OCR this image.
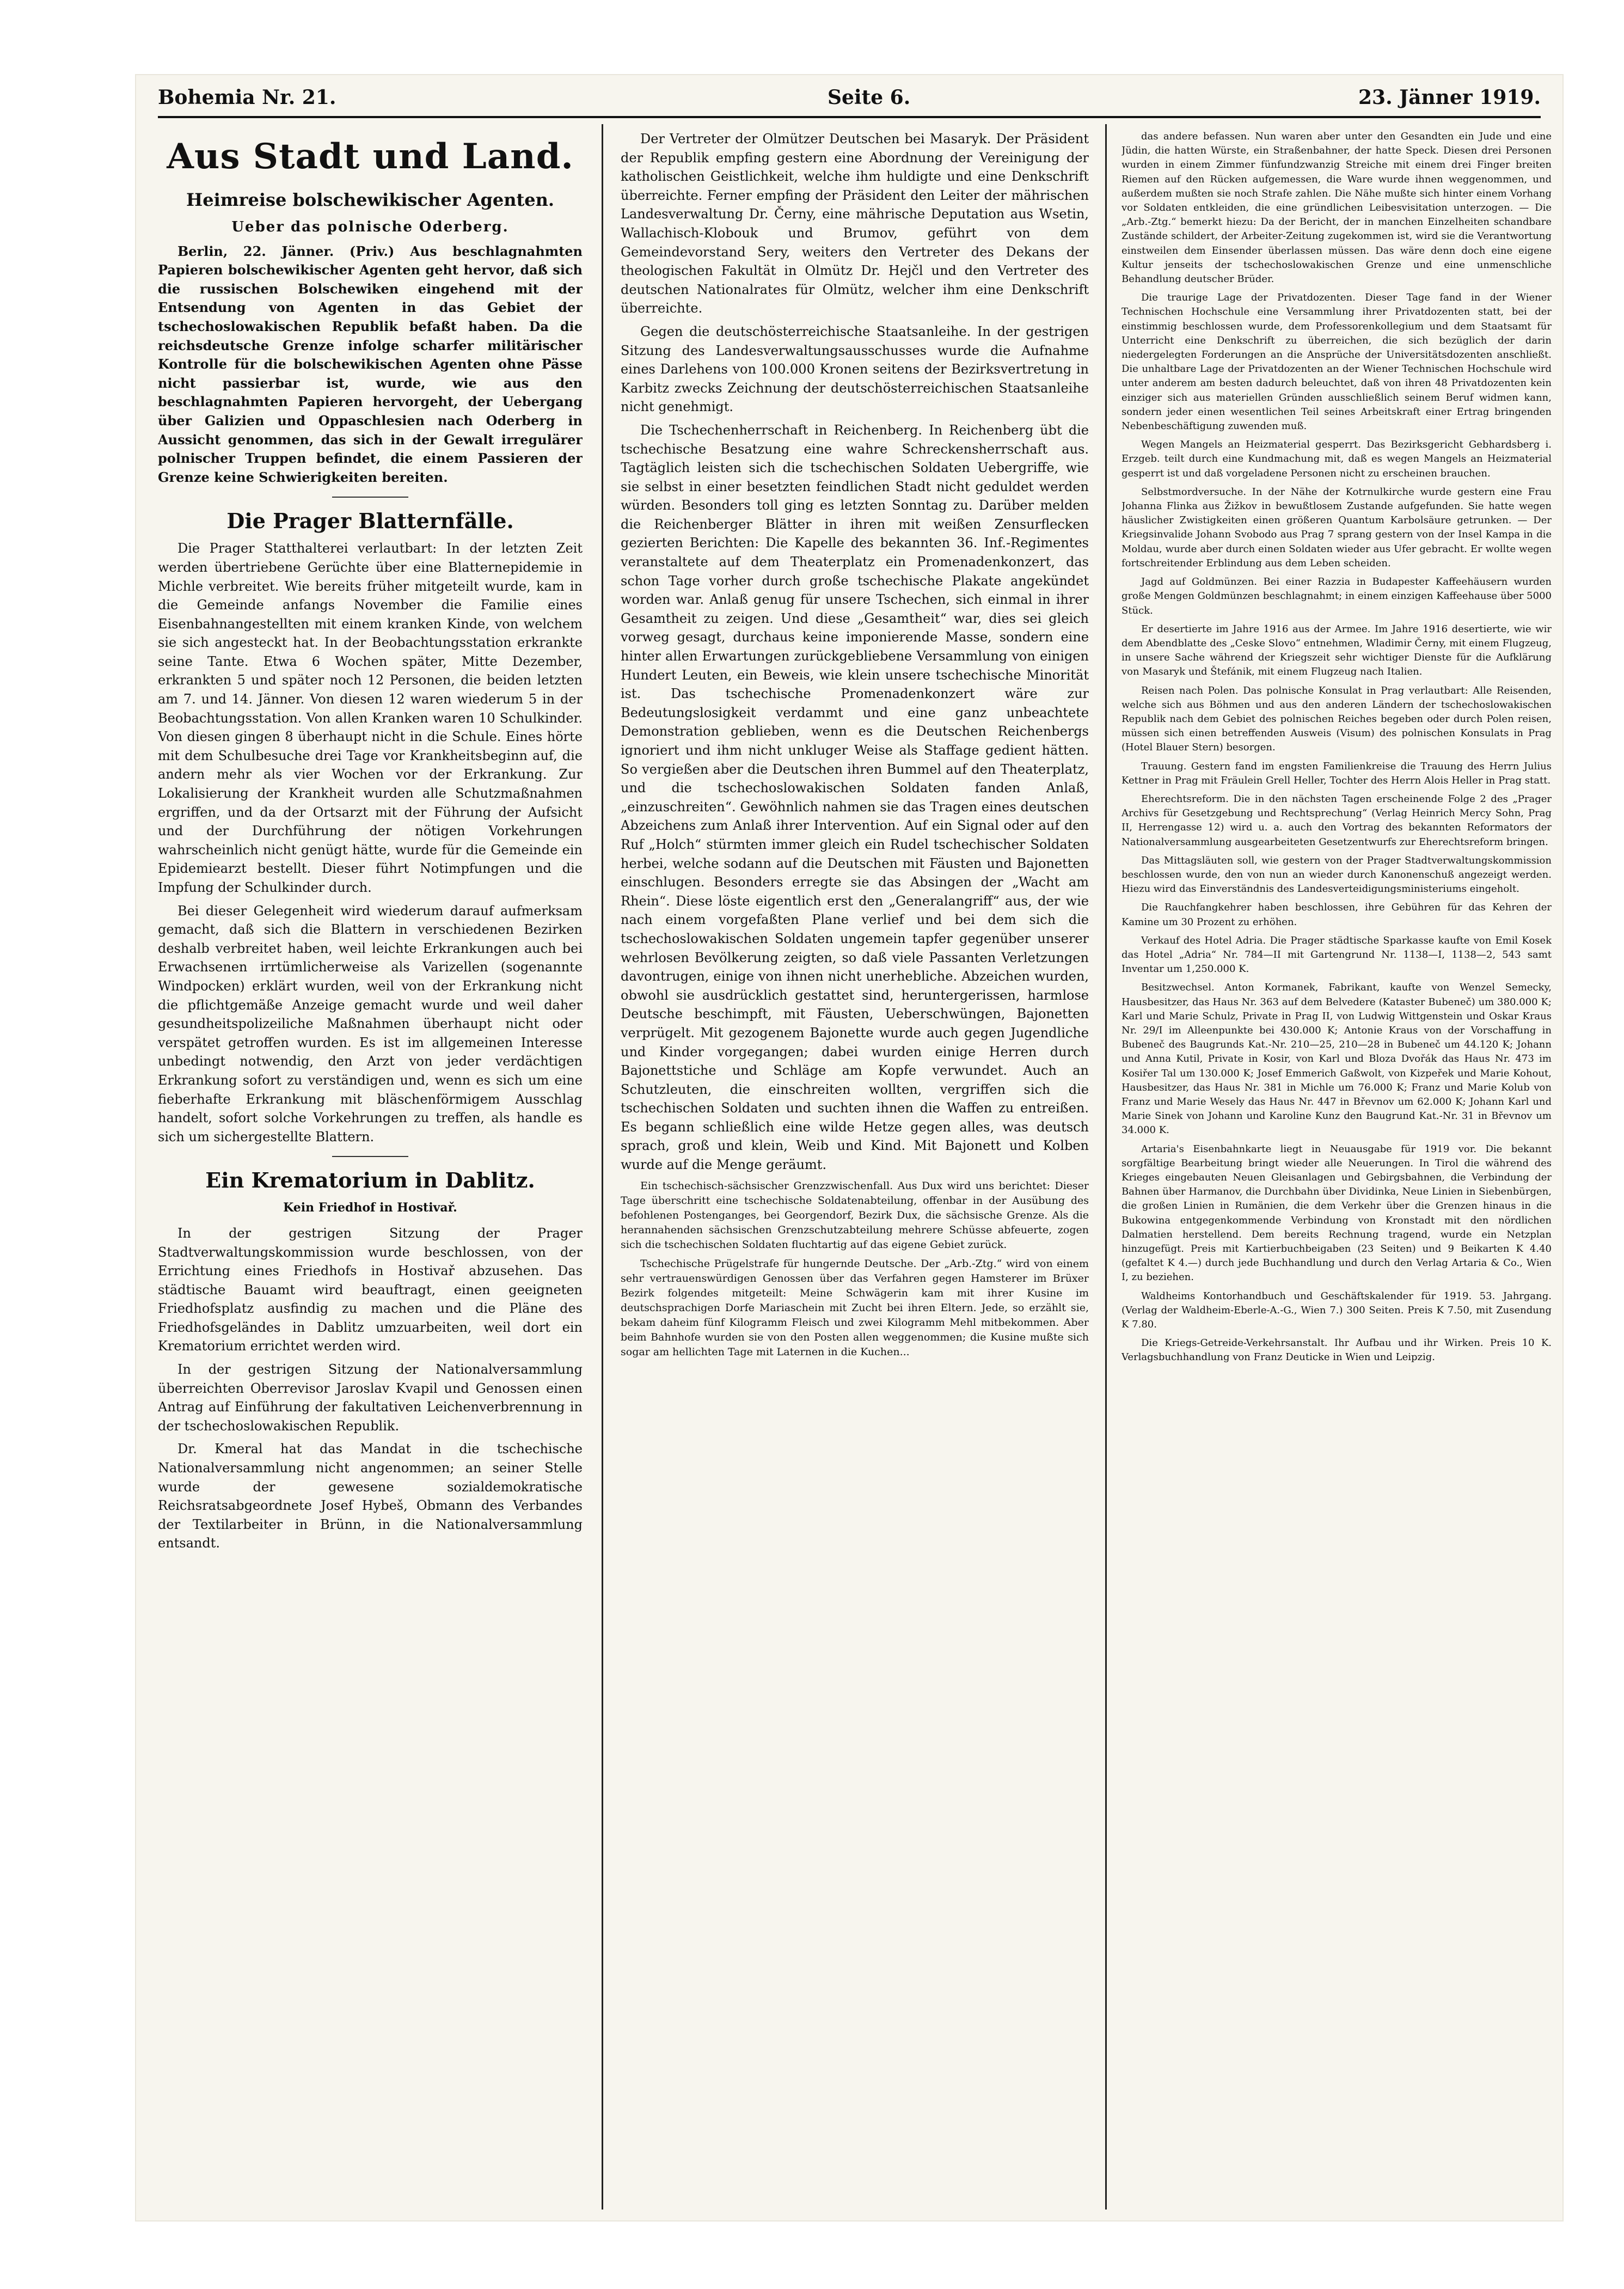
Bohemia Nr. 21.	Seite 6.	23. Jänner 1919.
Aus Stadt und Land.
Heimreise bolschewikischer Agenten.
Ueber das polnische Oderberg.

Berlin, 22. Jänner. (Priv.) Aus beschlagnahmten Papieren bolschewikischer Agenten geht hervor, daß sich die russischen Bolschewiken eingehend mit der Entsendung von Agenten in das Gebiet der tschechoslowakischen Republik befaßt haben. Da die reichsdeutsche Grenze infolge scharfer militärischer Kontrolle für die bolschewikischen Agenten ohne Pässe nicht passierbar ist, wurde, wie aus den beschlagnahmten Papieren hervorgeht, der Uebergang über Galizien und Oppaschlesien nach Oderberg in Aussicht genommen, das sich in der Gewalt irregulärer polnischer Truppen befindet, die einem Passieren der Grenze keine Schwierigkeiten bereiten.

Die Prager Blatternfälle.

Die Prager Statthalterei verlautbart: In der letzten Zeit werden übertriebene Gerüchte über eine Blatternepidemie in Michle verbreitet. Wie bereits früher mitgeteilt wurde, kam in die Gemeinde anfangs November die Familie eines Eisenbahnangestellten mit einem kranken Kinde, von welchem sie sich angesteckt hat. In der Beobachtungsstation erkrankte seine Tante. Etwa 6 Wochen später, Mitte Dezember, erkrankten 5 und später noch 12 Personen, die beiden letzten am 7. und 14. Jänner. Von diesen 12 waren wiederum 5 in der Beobachtungsstation. Von allen Kranken waren 10 Schulkinder. Von diesen gingen 8 überhaupt nicht in die Schule. Eines hörte mit dem Schulbesuche drei Tage vor Krankheitsbeginn auf, die andern mehr als vier Wochen vor der Erkrankung. Zur Lokalisierung der Krankheit wurden alle Schutzmaßnahmen ergriffen, und da der Ortsarzt mit der Führung der Aufsicht und der Durchführung der nötigen Vorkehrungen wahrscheinlich nicht genügt hätte, wurde für die Gemeinde ein Epidemiearzt bestellt. Dieser führt Notimpfungen und die Impfung der Schulkinder durch.

Bei dieser Gelegenheit wird wiederum darauf aufmerksam gemacht, daß sich die Blattern in verschiedenen Bezirken deshalb verbreitet haben, weil leichte Erkrankungen auch bei Erwachsenen irrtümlicherweise als Varizellen (sogenannte Windpocken) erklärt wurden, weil von der Erkrankung nicht die pflichtgemäße Anzeige gemacht wurde und weil daher gesundheitspolizeiliche Maßnahmen überhaupt nicht oder verspätet getroffen wurden. Es ist im allgemeinen Interesse unbedingt notwendig, den Arzt von jeder verdächtigen Erkrankung sofort zu verständigen und, wenn es sich um eine fieberhafte Erkrankung mit bläschenförmigem Ausschlag handelt, sofort solche Vorkehrungen zu treffen, als handle es sich um sichergestellte Blattern.

Ein Krematorium in Dablitz.
Kein Friedhof in Hostivař.

In der gestrigen Sitzung der Prager Stadtverwaltungskommission wurde beschlossen, von der Errichtung eines Friedhofs in Hostivař abzusehen. Das städtische Bauamt wird beauftragt, einen geeigneten Friedhofsplatz ausfindig zu machen und die Pläne des Friedhofsgeländes in Dablitz umzuarbeiten, weil dort ein Krematorium errichtet werden wird.

In der gestrigen Sitzung der Nationalversammlung überreichten Oberrevisor Jaroslav Kvapil und Genossen einen Antrag auf Einführung der fakultativen Leichenverbrennung in der tschechoslowakischen Republik.

Dr. Kmeral hat das Mandat in die tschechische Nationalversammlung nicht angenommen; an seiner Stelle wurde der gewesene sozialdemokratische Reichsratsabgeordnete Josef Hybeš, Obmann des Verbandes der Textilarbeiter in Brünn, in die Nationalversammlung entsandt.

Der Vertreter der Olmützer Deutschen bei Masaryk. Der Präsident der Republik empfing gestern eine Abordnung der Vereinigung der katholischen Geistlichkeit, welche ihm huldigte und eine Denkschrift überreichte. Ferner empfing der Präsident den Leiter der mährischen Landesverwaltung Dr. Černy, eine mährische Deputation aus Wsetin, Wallachisch-Klobouk und Brumov, geführt von dem Gemeindevorstand Sery, weiters den Vertreter des Dekans der theologischen Fakultät in Olmütz Dr. Hejčl und den Vertreter des deutschen Nationalrates für Olmütz, welcher ihm eine Denkschrift überreichte.

Gegen die deutschösterreichische Staatsanleihe. In der gestrigen Sitzung des Landesverwaltungsausschusses wurde die Aufnahme eines Darlehens von 100.000 Kronen seitens der Bezirksvertretung in Karbitz zwecks Zeichnung der deutschösterreichischen Staatsanleihe nicht genehmigt.

Die Tschechenherrschaft in Reichenberg. In Reichenberg übt die tschechische Besatzung eine wahre Schreckensherrschaft aus. Tagtäglich leisten sich die tschechischen Soldaten Uebergriffe, wie sie selbst in einer besetzten feindlichen Stadt nicht geduldet werden würden. Besonders toll ging es letzten Sonntag zu. Darüber melden die Reichenberger Blätter in ihren mit weißen Zensurflecken gezierten Berichten: Die Kapelle des bekannten 36. Inf.-Regimentes veranstaltete auf dem Theaterplatz ein Promenadenkonzert, das schon Tage vorher durch große tschechische Plakate angekündet worden war. Anlaß genug für unsere Tschechen, sich einmal in ihrer Gesamtheit zu zeigen. Und diese „Gesamtheit“ war, dies sei gleich vorweg gesagt, durchaus keine imponierende Masse, sondern eine hinter allen Erwartungen zurückgebliebene Versammlung von einigen Hundert Leuten, ein Beweis, wie klein unsere tschechische Minorität ist. Das tschechische Promenadenkonzert wäre zur Bedeutungslosigkeit verdammt und eine ganz unbeachtete Demonstration geblieben, wenn es die Deutschen Reichenbergs ignoriert und ihm nicht unkluger Weise als Staffage gedient hätten. So vergießen aber die Deutschen ihren Bummel auf den Theaterplatz, und die tschechoslowakischen Soldaten fanden Anlaß, „einzuschreiten“. Gewöhnlich nahmen sie das Tragen eines deutschen Abzeichens zum Anlaß ihrer Intervention. Auf ein Signal oder auf den Ruf „Holch“ stürmten immer gleich ein Rudel tschechischer Soldaten herbei, welche sodann auf die Deutschen mit Fäusten und Bajonetten einschlugen. Besonders erregte sie das Absingen der „Wacht am Rhein“. Diese löste eigentlich erst den „Generalangriff“ aus, der wie nach einem vorgefaßten Plane verlief und bei dem sich die tschechoslowakischen Soldaten ungemein tapfer gegenüber unserer wehrlosen Bevölkerung zeigten, so daß viele Passanten Verletzungen davontrugen, einige von ihnen nicht unerhebliche. Abzeichen wurden, obwohl sie ausdrücklich gestattet sind, heruntergerissen, harmlose Deutsche beschimpft, mit Fäusten, Ueberschwüngen, Bajonetten verprügelt. Mit gezogenem Bajonette wurde auch gegen Jugendliche und Kinder vorgegangen; dabei wurden einige Herren durch Bajonettstiche und Schläge am Kopfe verwundet. Auch an Schutzleuten, die einschreiten wollten, vergriffen sich die tschechischen Soldaten und suchten ihnen die Waffen zu entreißen. Es begann schließlich eine wilde Hetze gegen alles, was deutsch sprach, groß und klein, Weib und Kind. Mit Bajonett und Kolben wurde auf die Menge geräumt.

Ein tschechisch-sächsischer Grenzzwischenfall. Aus Dux wird uns berichtet: Dieser Tage überschritt eine tschechische Soldatenabteilung, offenbar in der Ausübung des befohlenen Postenganges, bei Georgendorf, Bezirk Dux, die sächsische Grenze. Als die herannahenden sächsischen Grenzschutzabteilung mehrere Schüsse abfeuerte, zogen sich die tschechischen Soldaten fluchtartig auf das eigene Gebiet zurück.

Tschechische Prügelstrafe für hungernde Deutsche. Der „Arb.-Ztg.“ wird von einem sehr vertrauenswürdigen Genossen über das Verfahren gegen Hamsterer im Brüxer Bezirk folgendes mitgeteilt: Meine Schwägerin kam mit ihrer Kusine im deutschsprachigen Dorfe Mariaschein mit Zucht bei ihren Eltern. Jede, so erzählt sie, bekam daheim fünf Kilogramm Fleisch und zwei Kilogramm Mehl mitbekommen. Aber beim Bahnhofe wurden sie von den Posten allen weggenommen; die Kusine mußte sich sogar am hellichten Tage mit Laternen in die Kuchen...

das andere befassen. Nun waren aber unter den Gesandten ein Jude und eine Jüdin, die hatten Würste, ein Straßenbahner, der hatte Speck. Diesen drei Personen wurden in einem Zimmer fünfundzwanzig Streiche mit einem drei Finger breiten Riemen auf den Rücken aufgemessen, die Ware wurde ihnen weggenommen, und außerdem mußten sie noch Strafe zahlen. Die Nähe mußte sich hinter einem Vorhang vor Soldaten entkleiden, die eine gründlichen Leibesvisitation unterzogen. — Die „Arb.-Ztg.“ bemerkt hiezu: Da der Bericht, der in manchen Einzelheiten schandbare Zustände schildert, der Arbeiter-Zeitung zugekommen ist, wird sie die Verantwortung einstweilen dem Einsender überlassen müssen. Das wäre denn doch eine eigene Kultur jenseits der tschechoslowakischen Grenze und eine unmenschliche Behandlung deutscher Brüder.

Die traurige Lage der Privatdozenten. Dieser Tage fand in der Wiener Technischen Hochschule eine Versammlung ihrer Privatdozenten statt, bei der einstimmig beschlossen wurde, dem Professorenkollegium und dem Staatsamt für Unterricht eine Denkschrift zu überreichen, die sich bezüglich der darin niedergelegten Forderungen an die Ansprüche der Universitätsdozenten anschließt. Die unhaltbare Lage der Privatdozenten an der Wiener Technischen Hochschule wird unter anderem am besten dadurch beleuchtet, daß von ihren 48 Privatdozenten kein einziger sich aus materiellen Gründen ausschließlich seinem Beruf widmen kann, sondern jeder einen wesentlichen Teil seines Arbeitskraft einer Ertrag bringenden Nebenbeschäftigung zuwenden muß.

Wegen Mangels an Heizmaterial gesperrt. Das Bezirksgericht Gebhardsberg i. Erzgeb. teilt durch eine Kundmachung mit, daß es wegen Mangels an Heizmaterial gesperrt ist und daß vorgeladene Personen nicht zu erscheinen brauchen.

Selbstmordversuche. In der Nähe der Kotrnulkirche wurde gestern eine Frau Johanna Flinka aus Žižkov in bewußtlosem Zustande aufgefunden. Sie hatte wegen häuslicher Zwistigkeiten einen größeren Quantum Karbolsäure getrunken. — Der Kriegsinvalide Johann Svobodo aus Prag 7 sprang gestern von der Insel Kampa in die Moldau, wurde aber durch einen Soldaten wieder aus Ufer gebracht. Er wollte wegen fortschreitender Erblindung aus dem Leben scheiden.

Jagd auf Goldmünzen. Bei einer Razzia in Budapester Kaffeehäusern wurden große Mengen Goldmünzen beschlagnahmt; in einem einzigen Kaffeehause über 5000 Stück.

Er desertierte im Jahre 1916 aus der Armee. Im Jahre 1916 desertierte, wie wir dem Abendblatte des „Ceske Slovo“ entnehmen, Wladimir Černy, mit einem Flugzeug, in unsere Sache während der Kriegszeit sehr wichtiger Dienste für die Aufklärung von Masaryk und Štefánik, mit einem Flugzeug nach Italien.

Reisen nach Polen. Das polnische Konsulat in Prag verlautbart: Alle Reisenden, welche sich aus Böhmen und aus den anderen Ländern der tschechoslowakischen Republik nach dem Gebiet des polnischen Reiches begeben oder durch Polen reisen, müssen sich einen betreffenden Ausweis (Visum) des polnischen Konsulats in Prag (Hotel Blauer Stern) besorgen.

Trauung. Gestern fand im engsten Familienkreise die Trauung des Herrn Julius Kettner in Prag mit Fräulein Grell Heller, Tochter des Herrn Alois Heller in Prag statt.

Eherechtsreform. Die in den nächsten Tagen erscheinende Folge 2 des „Prager Archivs für Gesetzgebung und Rechtsprechung“ (Verlag Heinrich Mercy Sohn, Prag II, Herrengasse 12) wird u. a. auch den Vortrag des bekannten Reformators der Nationalversammlung ausgearbeiteten Gesetzentwurfs zur Eherechtsreform bringen.

Das Mittagsläuten soll, wie gestern von der Prager Stadtverwaltungskommission beschlossen wurde, den von nun an wieder durch Kanonenschuß angezeigt werden. Hiezu wird das Einverständnis des Landesverteidigungsministeriums eingeholt.

Die Rauchfangkehrer haben beschlossen, ihre Gebühren für das Kehren der Kamine um 30 Prozent zu erhöhen.

Verkauf des Hotel Adria. Die Prager städtische Sparkasse kaufte von Emil Kosek das Hotel „Adria“ Nr. 784—II mit Gartengrund Nr. 1138—I, 1138—2, 543 samt Inventar um 1,250.000 K.

Besitzwechsel. Anton Kormanek, Fabrikant, kaufte von Wenzel Semecky, Hausbesitzer, das Haus Nr. 363 auf dem Belvedere (Kataster Bubeneč) um 380.000 K; Karl und Marie Schulz, Private in Prag II, von Ludwig Wittgenstein und Oskar Kraus Nr. 29/I im Alleenpunkte bei 430.000 K; Antonie Kraus von der Vorschaffung in Bubeneč des Baugrunds Kat.-Nr. 210—25, 210—28 in Bubeneč um 44.120 K; Johann und Anna Kutil, Private in Kosir, von Karl und Bloza Dvořák das Haus Nr. 473 im Kosiřer Tal um 130.000 K; Josef Emmerich Gaßwolt, von Kizpeřek und Marie Kohout, Hausbesitzer, das Haus Nr. 381 in Michle um 76.000 K; Franz und Marie Kolub von Franz und Marie Wesely das Haus Nr. 447 in Břevnov um 62.000 K; Johann Karl und Marie Sinek von Johann und Karoline Kunz den Baugrund Kat.-Nr. 31 in Břevnov um 34.000 K.

Artaria's Eisenbahnkarte liegt in Neuausgabe für 1919 vor. Die bekannt sorgfältige Bearbeitung bringt wieder alle Neuerungen. In Tirol die während des Krieges eingebauten Neuen Gleisanlagen und Gebirgsbahnen, die Verbindung der Bahnen über Harmanov, die Durchbahn über Dividinka, Neue Linien in Siebenbürgen, die großen Linien in Rumänien, die dem Verkehr über die Grenzen hinaus in die Bukowina entgegenkommende Verbindung von Kronstadt mit den nördlichen Dalmatien herstellend. Dem bereits Rechnung tragend, wurde ein Netzplan hinzugefügt. Preis mit Kartierbuchbeigaben (23 Seiten) und 9 Beikarten K 4.40 (gefaltet K 4.—) durch jede Buchhandlung und durch den Verlag Artaria & Co., Wien I, zu beziehen.

Waldheims Kontorhandbuch und Geschäftskalender für 1919. 53. Jahrgang. (Verlag der Waldheim-Eberle-A.-G., Wien 7.) 300 Seiten. Preis K 7.50, mit Zusendung K 7.80.

Die Kriegs-Getreide-Verkehrsanstalt. Ihr Aufbau und ihr Wirken. Preis 10 K. Verlagsbuchhandlung von Franz Deuticke in Wien und Leipzig.
